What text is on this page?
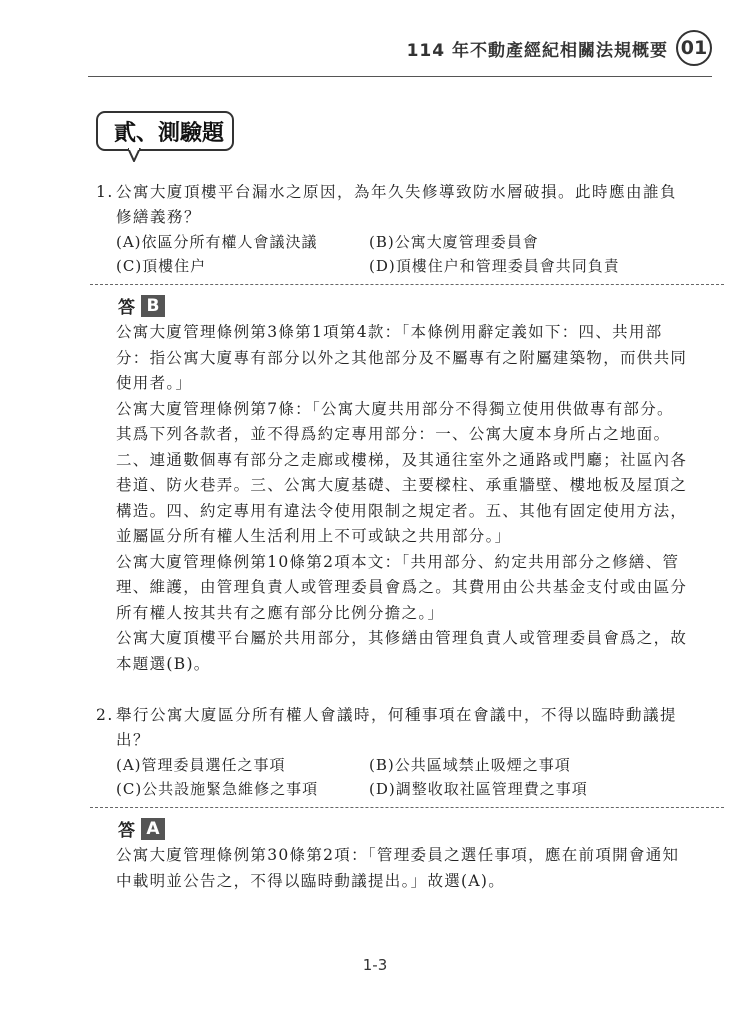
114 年不動產經紀相關法規概要 01
貳、測驗題
1. 公寓大廈頂樓平台漏水之原因，為年久失修導致防水層破損。此時應由誰負修繕義務？
(A)依區分所有權人會議決議	(B)公寓大廈管理委員會
(C)頂樓住户	(D)頂樓住户和管理委員會共同負責
答 B

公寓大廈管理條例第3條第1項第4款：「本條例用辭定義如下：四、共用部分：指公寓大廈專有部分以外之其他部分及不屬專有之附屬建築物，而供共同使用者。」

公寓大廈管理條例第7條：「公寓大廈共用部分不得獨立使用供做專有部分。其爲下列各款者，並不得爲約定專用部分：一、公寓大廈本身所占之地面。二、連通數個專有部分之走廊或樓梯，及其通往室外之通路或門廳；社區內各巷道、防火巷弄。三、公寓大廈基礎、主要樑柱、承重牆壁、樓地板及屋頂之構造。四、約定專用有違法令使用限制之規定者。五、其他有固定使用方法，並屬區分所有權人生活利用上不可或缺之共用部分。」

公寓大廈管理條例第10條第2項本文：「共用部分、約定共用部分之修繕、管理、維護，由管理負責人或管理委員會爲之。其費用由公共基金支付或由區分所有權人按其共有之應有部分比例分擔之。」

公寓大廈頂樓平台屬於共用部分，其修繕由管理負責人或管理委員會爲之，故本題選(B)。

2. 舉行公寓大廈區分所有權人會議時，何種事項在會議中，不得以臨時動議提出？
(A)管理委員選任之事項	(B)公共區域禁止吸煙之事項
(C)公共設施緊急維修之事項	(D)調整收取社區管理費之事項
答 A

公寓大廈管理條例第30條第2項：「管理委員之選任事項，應在前項開會通知中載明並公告之，不得以臨時動議提出。」故選(A)。

1-3
